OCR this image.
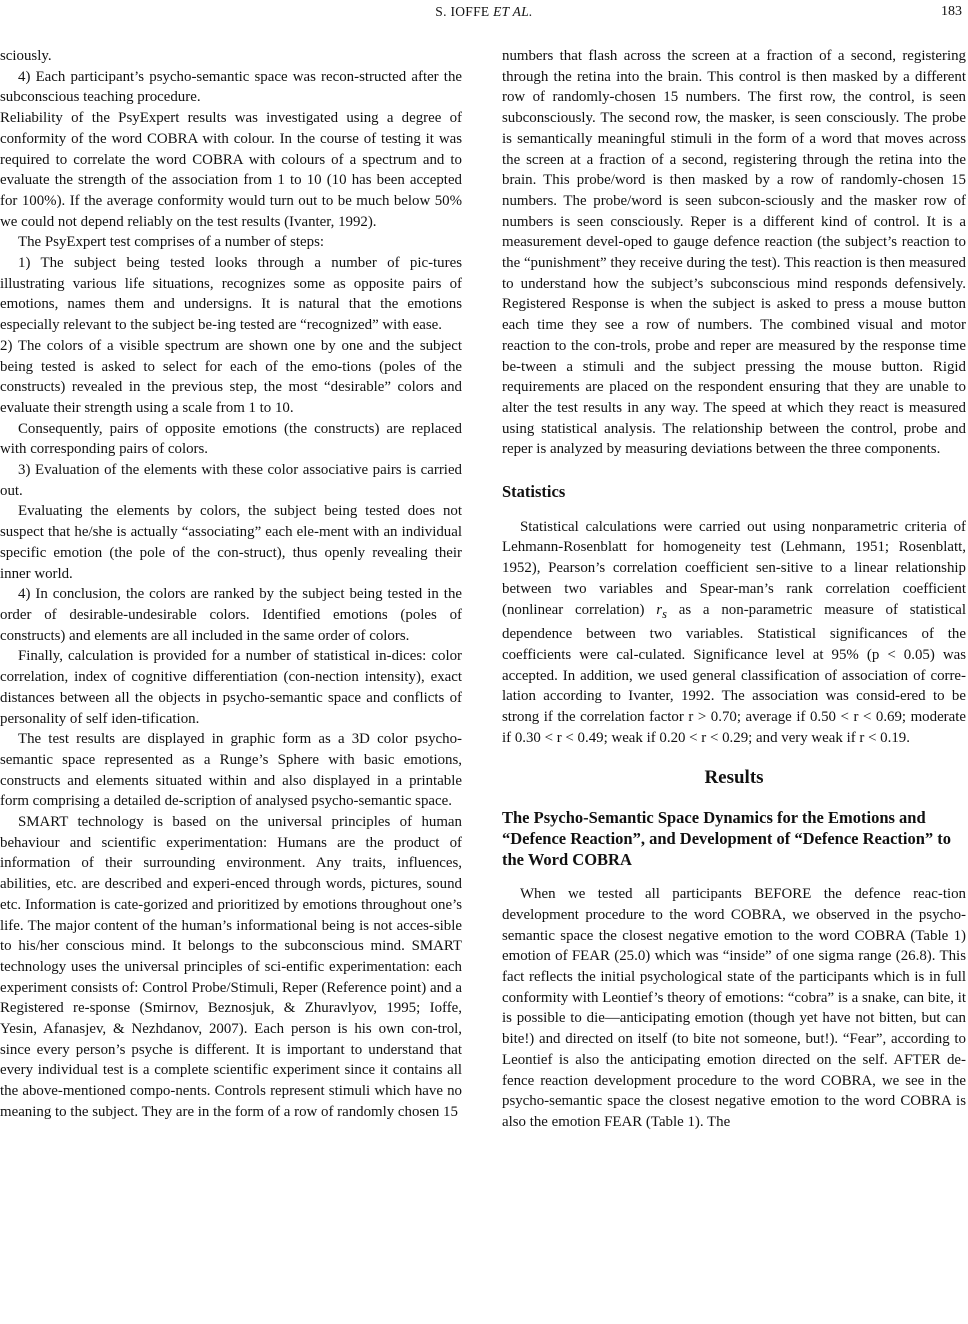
S. IOFFE ET AL.	183

sciously.

4) Each participant’s psycho-semantic space was recon-structed after the subconscious teaching procedure.

Reliability of the PsyExpert results was investigated using a degree of conformity of the word COBRA with colour. In the course of testing it was required to correlate the word COBRA with colours of a spectrum and to evaluate the strength of the association from 1 to 10 (10 has been accepted for 100%). If the average conformity would turn out to be much below 50% we could not depend reliably on the test results (Ivanter, 1992).

The PsyExpert test comprises of a number of steps:

1) The subject being tested looks through a number of pic-tures illustrating various life situations, recognizes some as opposite pairs of emotions, names them and undersigns. It is natural that the emotions especially relevant to the subject be-ing tested are “recognized” with ease.

2) The colors of a visible spectrum are shown one by one and the subject being tested is asked to select for each of the emo-tions (poles of the constructs) revealed in the previous step, the most “desirable” colors and evaluate their strength using a scale from 1 to 10.

Consequently, pairs of opposite emotions (the constructs) are replaced with corresponding pairs of colors.

3) Evaluation of the elements with these color associative pairs is carried out.

Evaluating the elements by colors, the subject being tested does not suspect that he/she is actually “associating” each ele-ment with an individual specific emotion (the pole of the con-struct), thus openly revealing their inner world.

4) In conclusion, the colors are ranked by the subject being tested in the order of desirable-undesirable colors. Identified emotions (poles of constructs) and elements are all included in the same order of colors.

Finally, calculation is provided for a number of statistical in-dices: color correlation, index of cognitive differentiation (con-nection intensity), exact distances between all the objects in psycho-semantic space and conflicts of personality of self iden-tification.

The test results are displayed in graphic form as a 3D color psycho-semantic space represented as a Runge’s Sphere with basic emotions, constructs and elements situated within and also displayed in a printable form comprising a detailed de-scription of analysed psycho-semantic space.

SMART technology is based on the universal principles of human behaviour and scientific experimentation: Humans are the product of information of their surrounding environment. Any traits, influences, abilities, etc. are described and experi-enced through words, pictures, sound etc. Information is cate-gorized and prioritized by emotions throughout one’s life. The major content of the human’s informational being is not acces-sible to his/her conscious mind. It belongs to the subconscious mind. SMART technology uses the universal principles of sci-entific experimentation: each experiment consists of: Control Probe/Stimuli, Reper (Reference point) and a Registered re-sponse (Smirnov, Beznosjuk, & Zhuravlyov, 1995; Ioffe, Yesin, Afanasjev, & Nezhdanov, 2007). Each person is his own con-trol, since every person’s psyche is different. It is important to understand that every individual test is a complete scientific experiment since it contains all the above-mentioned compo-nents. Controls represent stimuli which have no meaning to the subject. They are in the form of a row of randomly chosen 15

numbers that flash across the screen at a fraction of a second, registering through the retina into the brain. This control is then masked by a different row of randomly-chosen 15 numbers. The first row, the control, is seen subconsciously. The second row, the masker, is seen consciously. The probe is semantically meaningful stimuli in the form of a word that moves across the screen at a fraction of a second, registering through the retina into the brain. This probe/word is then masked by a row of randomly-chosen 15 numbers. The probe/word is seen subcon-sciously and the masker row of numbers is seen consciously. Reper is a different kind of control. It is a measurement devel-oped to gauge defence reaction (the subject’s reaction to the “punishment” they receive during the test). This reaction is then measured to understand how the subject’s subconscious mind responds defensively. Registered Response is when the subject is asked to press a mouse button each time they see a row of numbers. The combined visual and motor reaction to the con-trols, probe and reper are measured by the response time be-tween a stimuli and the subject pressing the mouse button. Rigid requirements are placed on the respondent ensuring that they are unable to alter the test results in any way. The speed at which they react is measured using statistical analysis. The relationship between the control, probe and reper is analyzed by measuring deviations between the three components.

Statistics

Statistical calculations were carried out using nonparametric criteria of Lehmann-Rosenblatt for homogeneity test (Lehmann, 1951; Rosenblatt, 1952), Pearson’s correlation coefficient sen-sitive to a linear relationship between two variables and Spear-man’s rank correlation coefficient (nonlinear correlation) $r_s$ as a non-parametric measure of statistical dependence between two variables. Statistical significances of the coefficients were cal-culated. Significance level at 95% (p < 0.05) was accepted. In addition, we used general classification of association of corre-lation according to Ivanter, 1992. The association was consid-ered to be strong if the correlation factor r > 0.70; average if 0.50 < r < 0.69; moderate if 0.30 < r < 0.49; weak if 0.20 < r < 0.29; and very weak if r < 0.19.

Results
The Psycho-Semantic Space Dynamics for the Emotions and “Defence Reaction”, and Development of “Defence Reaction” to the Word COBRA

When we tested all participants BEFORE the defence reac-tion development procedure to the word COBRA, we observed in the psycho-semantic space the closest negative emotion to the word COBRA (Table 1) emotion of FEAR (25.0) which was “inside” of one sigma range (26.8). This fact reflects the initial psychological state of the participants which is in full conformity with Leontief’s theory of emotions: “cobra” is a snake, can bite, it is possible to die—anticipating emotion (though yet have not bitten, but can bite!) and directed on itself (to bite not someone, but!). “Fear”, according to Leontief is also the anticipating emotion directed on the self. AFTER de-fence reaction development procedure to the word COBRA, we see in the psycho-semantic space the closest negative emotion to the word COBRA is also the emotion FEAR (Table 1). The
